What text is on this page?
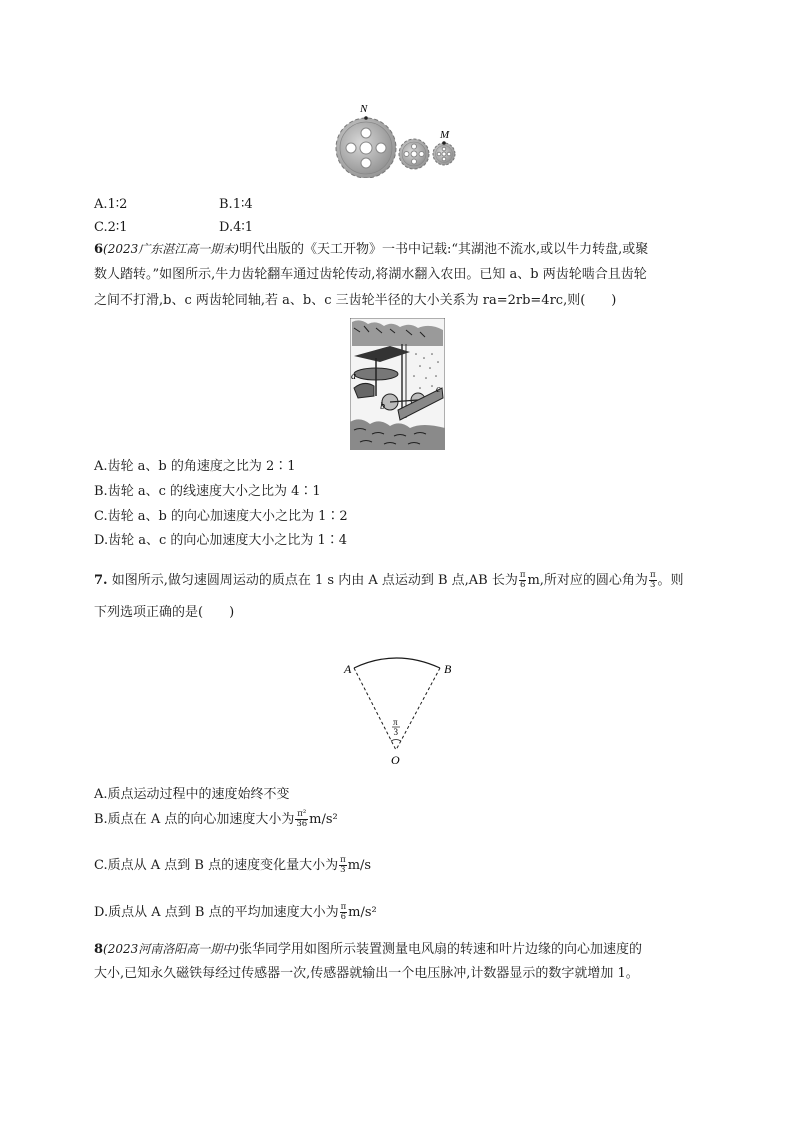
N
M
A.1∶2	B.1∶4
C.2∶1	D.4∶1
6(2023广东湛江高一期末)明代出版的《天工开物》一书中记载:“其湖池不流水,或以牛力转盘,或聚
数人踏转。”如图所示,牛力齿轮翻车通过齿轮传动,将湖水翻入农田。已知 a、b 两齿轮啮合且齿轮
之间不打滑,b、c 两齿轮同轴,若 a、b、c 三齿轮半径的大小关系为 ra=2rb=4rc,则(　　)
a
b
c
A.齿轮 a、b 的角速度之比为 2∶1
B.齿轮 a、c 的线速度大小之比为 4∶1
C.齿轮 a、b 的向心加速度大小之比为 1∶2
D.齿轮 a、c 的向心加速度大小之比为 1∶4
7. 如图所示,做匀速圆周运动的质点在 1 s 内由 A 点运动到 B 点,AB 长为 $\frac{\pi}{6} m$,所对应的圆心角为 $\frac{\pi}{3}$ 。则
下列选项正确的是(　　)
A	B
O
π
3
A.质点运动过程中的速度始终不变
B.质点在 A 点的向心加速度大小为 $\frac{\text{π²}}{36} m/s^2$
C.质点从 A 点到 B 点的速度变化量大小为 $\frac{\pi}{3} m/s$
D.质点从 A 点到 B 点的平均加速度大小为 $\frac{\pi}{6} m/s^2$
8(2023河南洛阳高一期中)张华同学用如图所示装置测量电风扇的转速和叶片边缘的向心加速度的
大小,已知永久磁铁每经过传感器一次,传感器就输出一个电压脉冲,计数器显示的数字就增加 1。
